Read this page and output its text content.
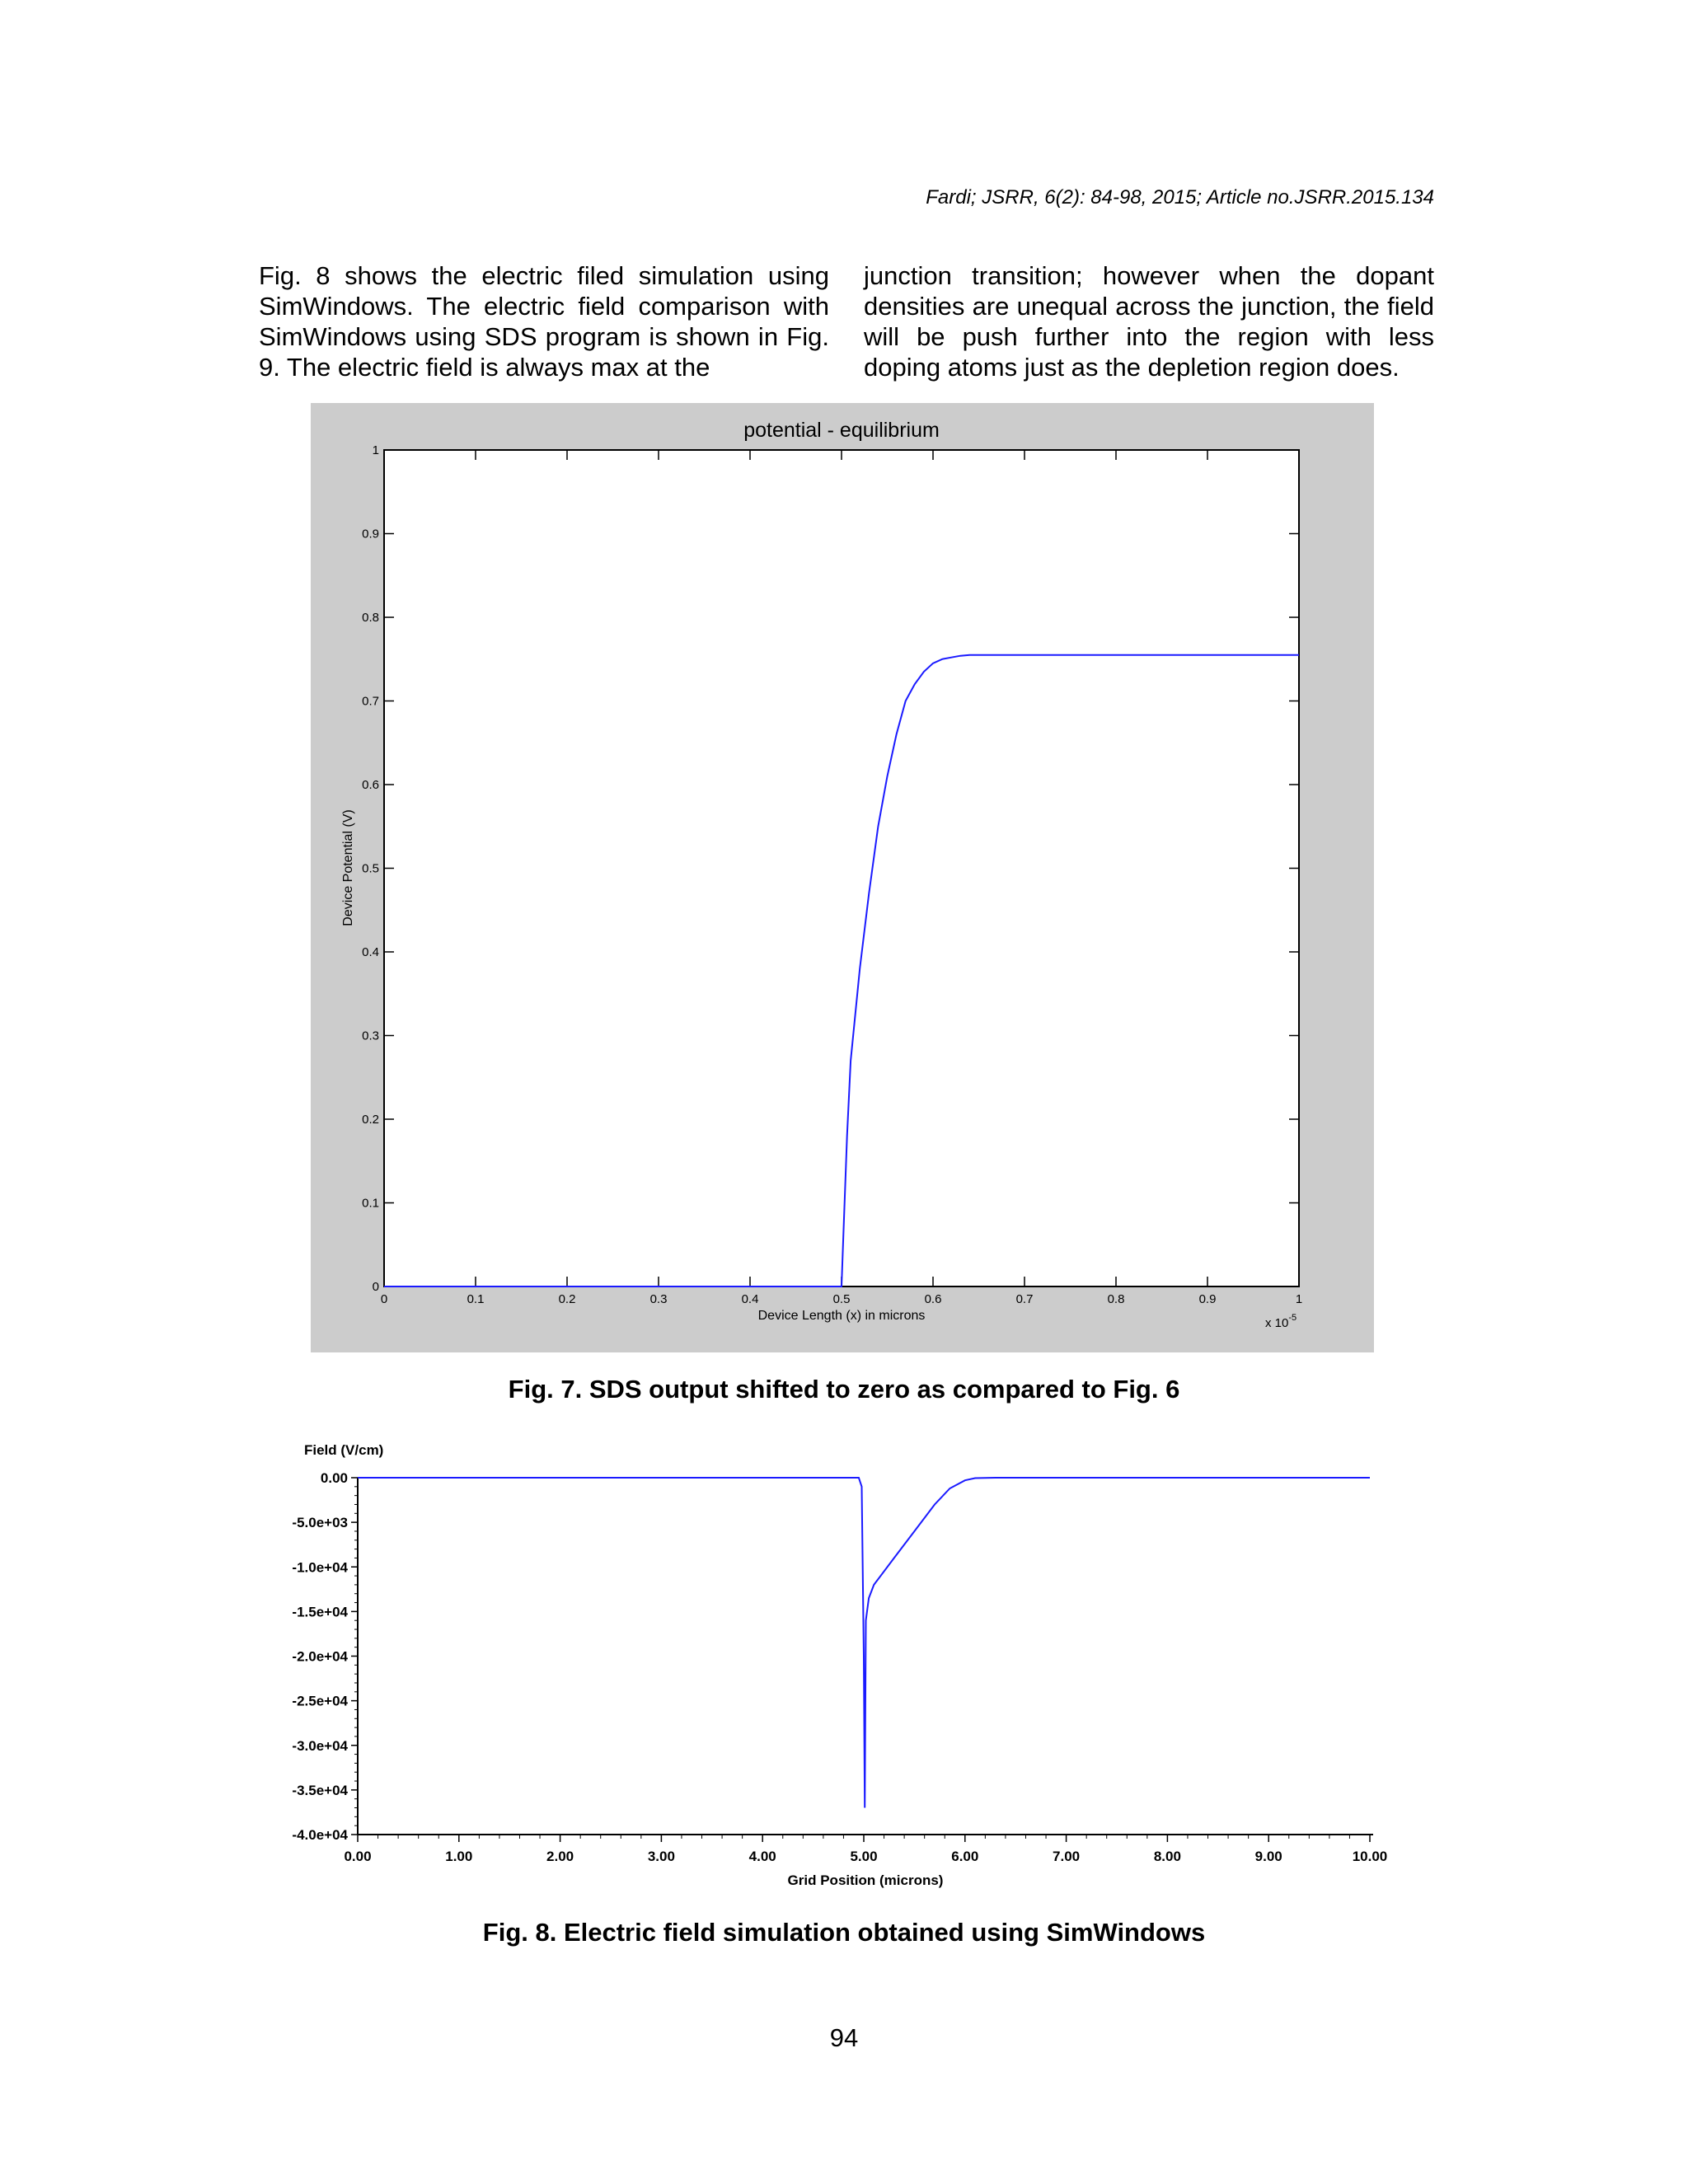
Fardi; JSRR, 6(2): 84-98, 2015; Article no.JSRR.2015.134
Fig. 8 shows the electric filed simulation using SimWindows. The electric field comparison with SimWindows using SDS program is shown in Fig. 9. The electric field is always max at the
junction transition; however when the dopant densities are unequal across the junction, the field will be push further into the region with less doping atoms just as the depletion region does.
potential - equilibrium
0
0.1
0.2
0.3
0.4
0.5
0.6
0.7
0.8
0.9
1
0	0.1	0.2	0.3	0.4	0.5	0.6	0.7	0.8	0.9	1
Device Length (x) in microns
Device Potential (V)
x $10^{-5}$
Fig. 7. SDS output shifted to zero as compared to Fig. 6
Field (V/cm)
0.00
-5.0e+03
-1.0e+04
-1.5e+04
-2.0e+04
-2.5e+04
-3.0e+04
-3.5e+04
-4.0e+04
0.00	1.00	2.00	3.00	4.00	5.00	6.00	7.00	8.00	9.00	10.00
Grid Position (microns)
Fig. 8. Electric field simulation obtained using SimWindows
94
